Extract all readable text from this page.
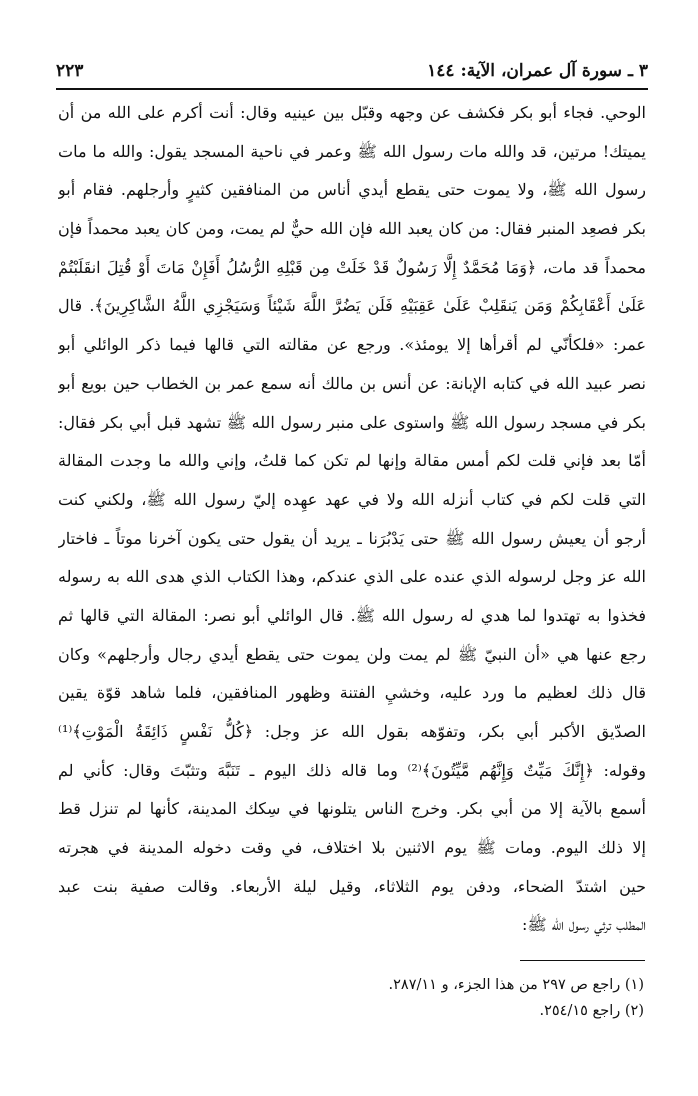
٣ ـ سورة آل عمران، الآية: ١٤٤
٢٢٣
الوحي. فجاء أبو بكر فكشف عن وجهه وقبّل بين عينيه وقال: أنت أكرم على الله من أن
يميتك! مرتين، قد والله مات رسول الله ﷺ وعمر في ناحية المسجد يقول: والله ما مات
رسول الله ﷺ، ولا يموت حتى يقطع أيدي أناس من المنافقين كثيرٍ وأرجلهم. فقام أبو
بكر فصعِد المنبر فقال: من كان يعبد الله فإن الله حيٌّ لم يمت، ومن كان يعبد محمداً فإن
محمداً قد مات، ﴿وَمَا مُحَمَّدٌ إِلَّا رَسُولٌ قَدْ خَلَتْ مِن قَبْلِهِ الرُّسُلُ أَفَإِنْ مَاتَ أَوْ قُتِلَ انقَلَبْتُمْ
عَلَىٰ أَعْقَابِكُمْ وَمَن يَنقَلِبْ عَلَىٰ عَقِبَيْهِ فَلَن يَضُرَّ اللَّهَ شَيْئاً وَسَيَجْزِي اللَّهُ الشَّاكِرِينَ﴾. قال
عمر: «فلكأنّي لم أقرأها إلا يومئذ». ورجع عن مقالته التي قالها فيما ذكر الوائلي أبو
نصر عبيد الله في كتابه الإبانة: عن أنس بن مالك أنه سمع عمر بن الخطاب حين بويع أبو
بكر في مسجد رسول الله ﷺ واستوى على منبر رسول الله ﷺ تشهد قبل أبي بكر فقال:
أمّا بعد فإني قلت لكم أمس مقالة وإنها لم تكن كما قلتُ، وإني والله ما وجدت المقالة
التي قلت لكم في كتاب أنزله الله ولا في عهد عهِده إليّ رسول الله ﷺ، ولكني كنت
أرجو أن يعيش رسول الله ﷺ حتى يَدْبُرَنا ـ يريد أن يقول حتى يكون آخرنا موتاً ـ فاختار
الله عز وجل لرسوله الذي عنده على الذي عندكم، وهذا الكتاب الذي هدى الله به رسوله
فخذوا به تهتدوا لما هدي له رسول الله ﷺ. قال الوائلي أبو نصر: المقالة التي قالها ثم
رجع عنها هي «أن النبيّ ﷺ لم يمت ولن يموت حتى يقطع أيدي رجال وأرجلهم» وكان
قال ذلك لعظيم ما ورد عليه، وخشيِ الفتنة وظهور المنافقين، فلما شاهد قوّة يقين
الصدّيق الأكبر أبي بكر، وتفوّهه بقول الله عز وجل: ﴿كُلُّ نَفْسٍ ذَائِقَةُ الْمَوْتِ﴾⁽¹⁾
وقوله: ﴿إِنَّكَ مَيِّتٌ وَإِنَّهُم مَّيِّتُونَ﴾⁽²⁾ وما قاله ذلك اليوم ـ تَنَبَّهَ وتثبّتَ وقال: كأني لم
أسمع بالآية إلا من أبي بكر. وخرج الناس يتلونها في سِكك المدينة، كأنها لم تنزل قط
إلا ذلك اليوم. ومات ﷺ يوم الاثنين بلا اختلاف، في وقت دخوله المدينة في هجرته
حين اشتدّ الضحاء، ودفن يوم الثلاثاء، وقيل ليلة الأربعاء. وقالت صفية بنت عبد
المطلب ترثي رسول الله ﷺ:
(١) راجع ص ٢٩٧ من هذا الجزء، و ٢٨٧/١١.
(٢) راجع ٢٥٤/١٥.
